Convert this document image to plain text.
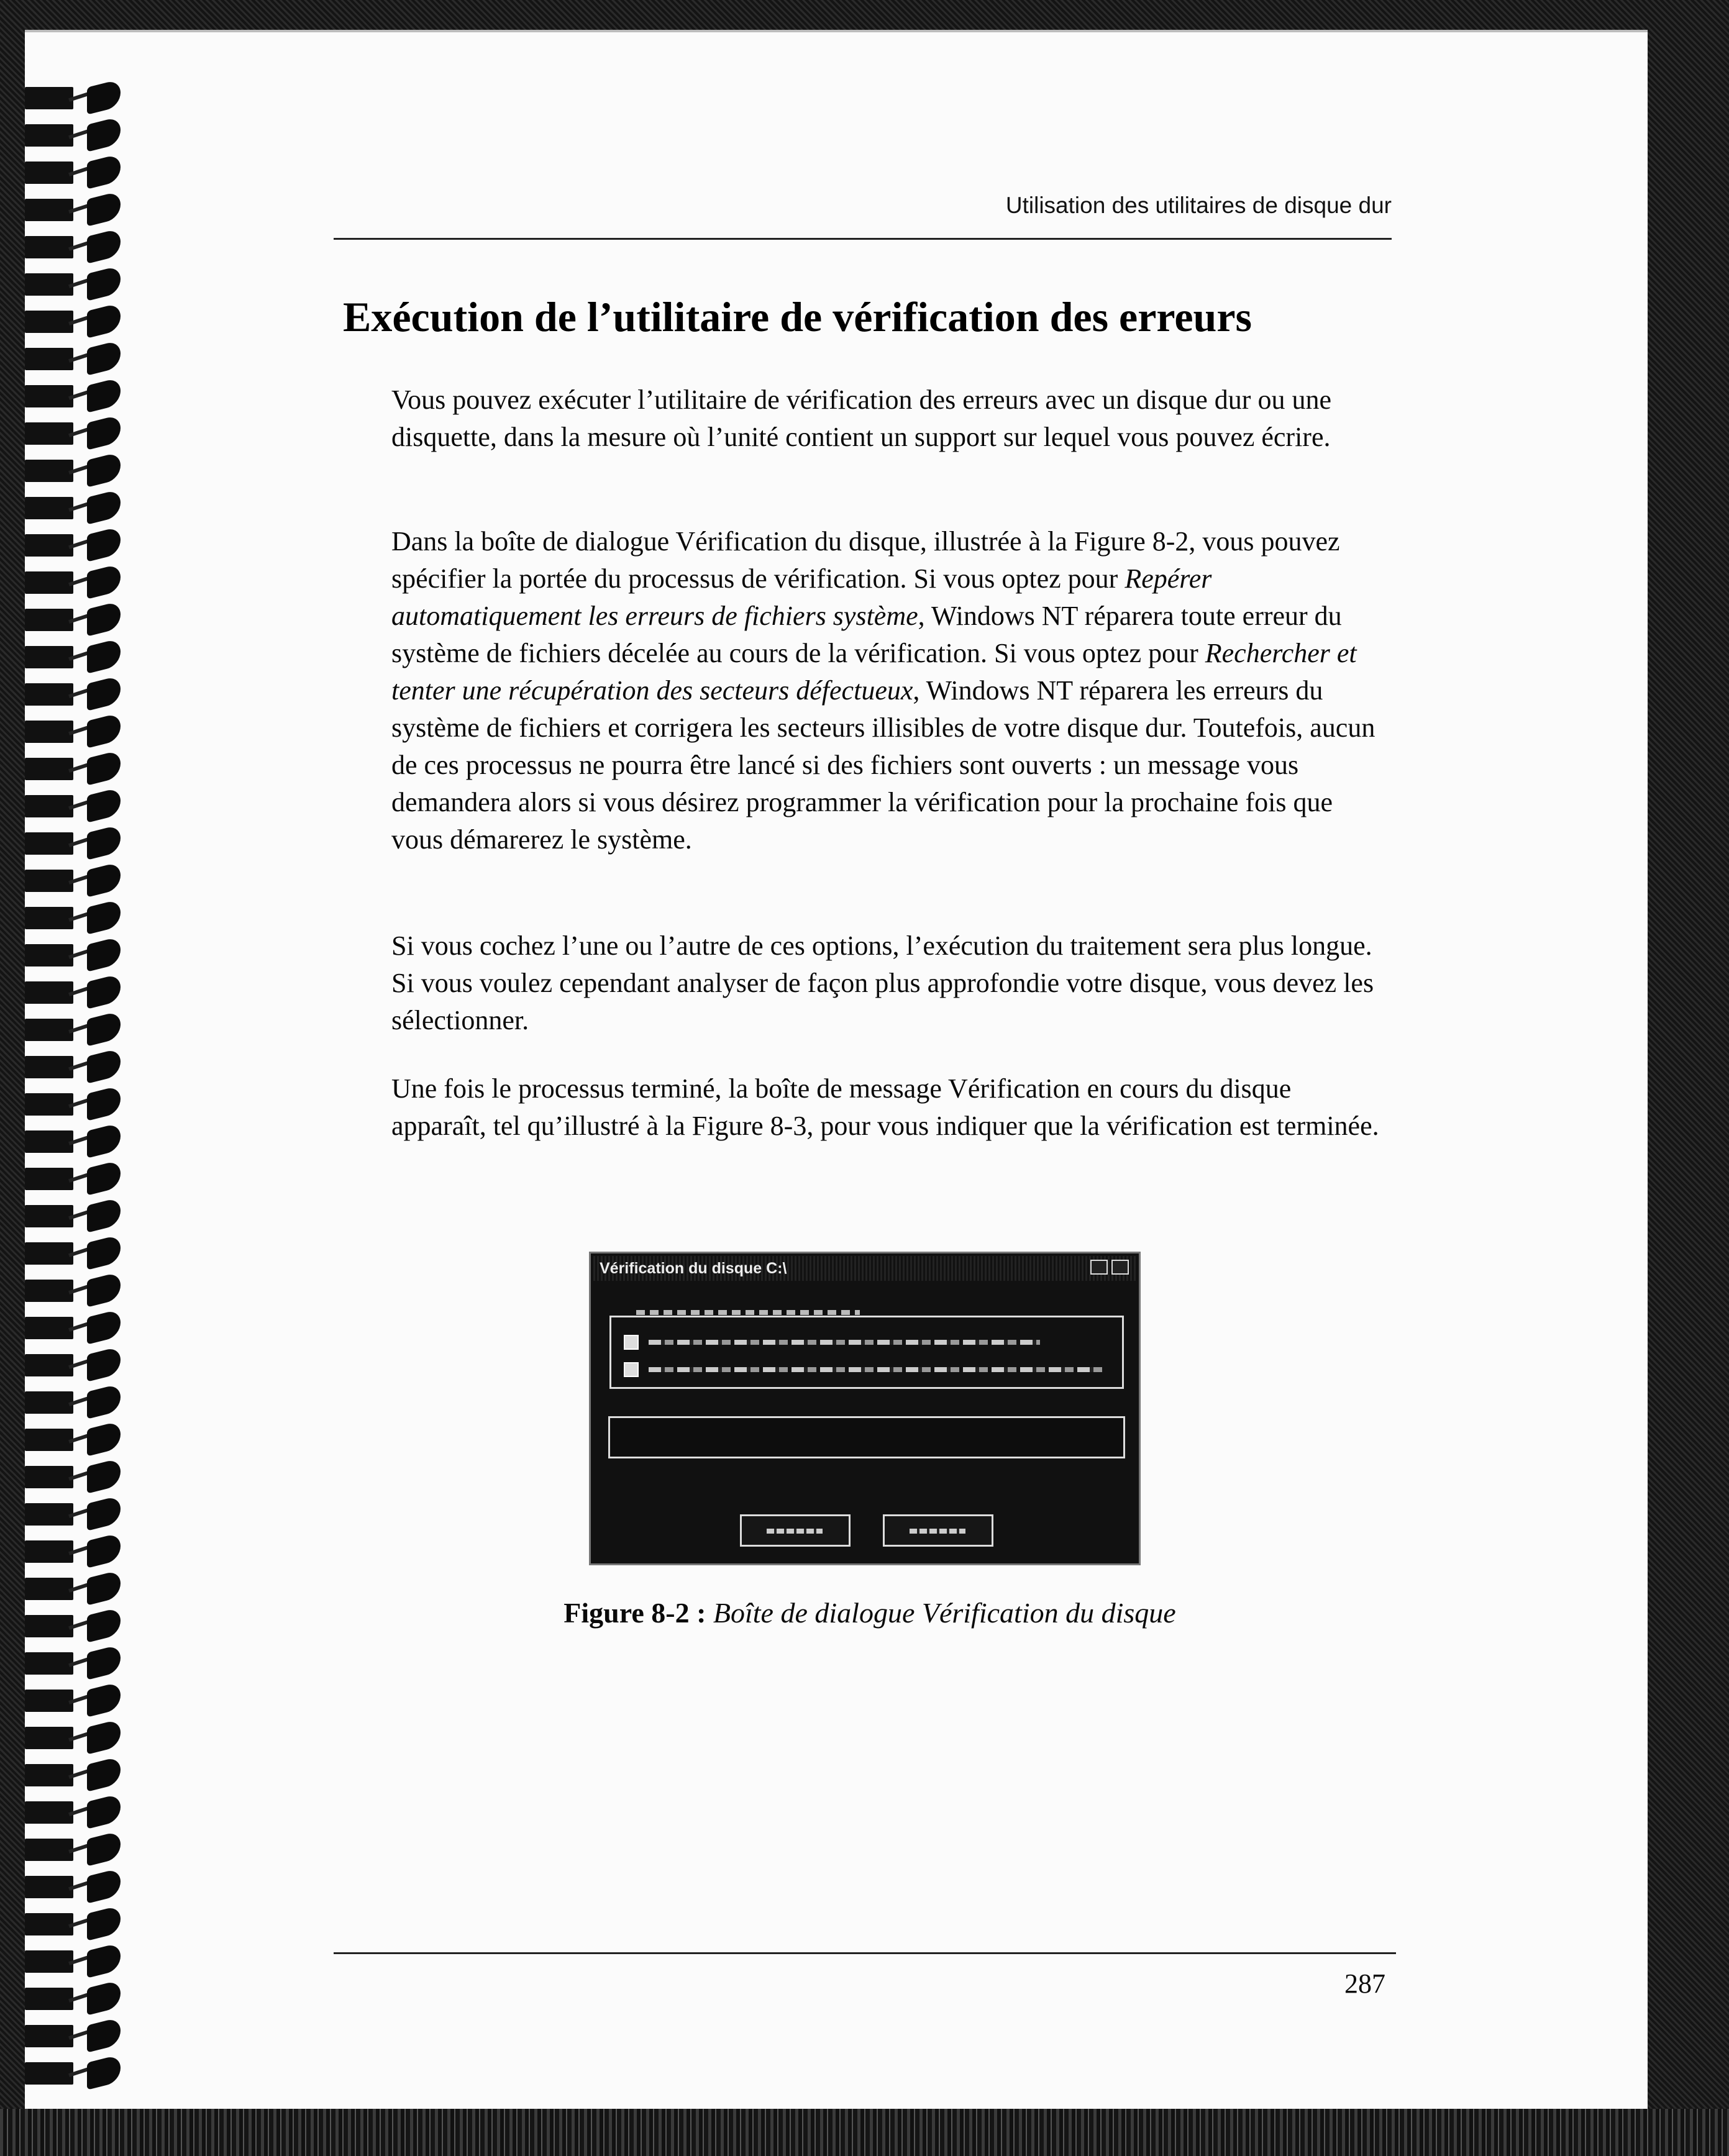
Utilisation des utilitaires de disque dur
Exécution de l’utilitaire de vérification des erreurs

Vous pouvez exécuter l’utilitaire de vérification des erreurs avec un disque dur ou une disquette, dans la mesure où l’unité contient un support sur lequel vous pouvez écrire.

Dans la boîte de dialogue Vérification du disque, illustrée à la Figure 8-2, vous pouvez spécifier la portée du processus de vérification. Si vous optez pour Repérer automatiquement les erreurs de fichiers système, Windows NT réparera toute erreur du système de fichiers décelée au cours de la vérification. Si vous optez pour Rechercher et tenter une récupération des secteurs défectueux, Windows NT réparera les erreurs du système de fichiers et corrigera les secteurs illisibles de votre disque dur. Toutefois, aucun de ces processus ne pourra être lancé si des fichiers sont ouverts : un message vous demandera alors si vous désirez programmer la vérification pour la prochaine fois que vous démarerez le système.

Si vous cochez l’une ou l’autre de ces options, l’exécution du traitement sera plus longue. Si vous voulez cependant analyser de façon plus approfondie votre disque, vous devez les sélectionner.

Une fois le processus terminé, la boîte de message Vérification en cours du disque apparaît, tel qu’illustré à la Figure 8-3, pour vous indiquer que la vérification est terminée.

Vérification du disque C:\
Figure 8-2 : Boîte de dialogue Vérification du disque
287
